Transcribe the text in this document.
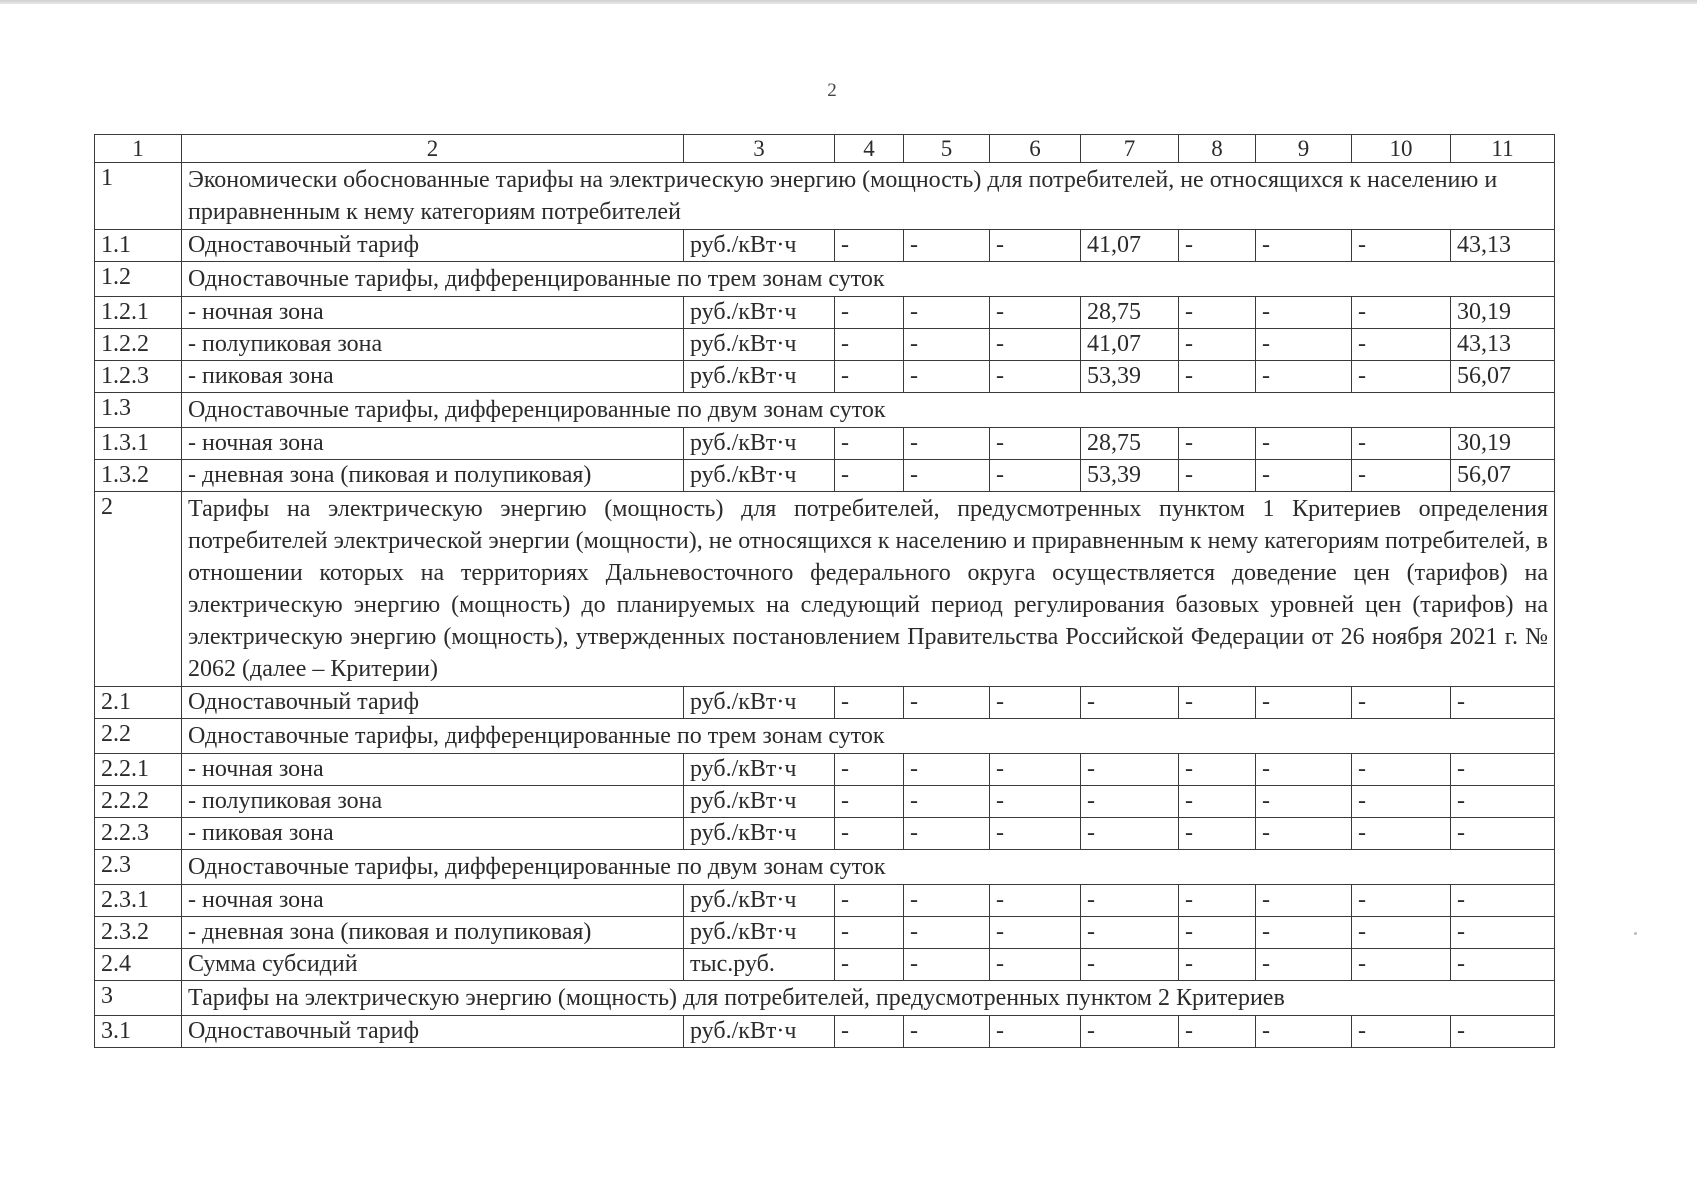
2
1	2	3	4	5	6	7	8	9	10	11
1	Экономически обоснованные тарифы на электрическую энергию (мощность) для потребителей, не относящихся к населению и приравненным к нему категориям потребителей									
1.1	Одноставочный тариф	руб./кВт·ч	-	-	-	41,07	-	-	-	43,13
1.2	Одноставочные тарифы, дифференцированные по трем зонам суток									
1.2.1	- ночная зона	руб./кВт·ч	-	-	-	28,75	-	-	-	30,19
1.2.2	- полупиковая зона	руб./кВт·ч	-	-	-	41,07	-	-	-	43,13
1.2.3	- пиковая зона	руб./кВт·ч	-	-	-	53,39	-	-	-	56,07
1.3	Одноставочные тарифы, дифференцированные по двум зонам суток									
1.3.1	- ночная зона	руб./кВт·ч	-	-	-	28,75	-	-	-	30,19
1.3.2	- дневная зона (пиковая и полупиковая)	руб./кВт·ч	-	-	-	53,39	-	-	-	56,07
2	Тарифы на электрическую энергию (мощность) для потребителей, предусмотренных пунктом 1 Критериев определения потребителей электрической энергии (мощности), не относящихся к населению и приравненным к нему категориям потребителей, в отношении которых на территориях Дальневосточного федерального округа осуществляется доведение цен (тарифов) на электрическую энергию (мощность) до планируемых на следующий период регулирования базовых уровней цен (тарифов) на электрическую энергию (мощность), утвержденных постановлением Правительства Российской Федерации от 26 ноября 2021 г. № 2062 (далее – Критерии)									
2.1	Одноставочный тариф	руб./кВт·ч	-	-	-	-	-	-	-	-
2.2	Одноставочные тарифы, дифференцированные по трем зонам суток									
2.2.1	- ночная зона	руб./кВт·ч	-	-	-	-	-	-	-	-
2.2.2	- полупиковая зона	руб./кВт·ч	-	-	-	-	-	-	-	-
2.2.3	- пиковая зона	руб./кВт·ч	-	-	-	-	-	-	-	-
2.3	Одноставочные тарифы, дифференцированные по двум зонам суток									
2.3.1	- ночная зона	руб./кВт·ч	-	-	-	-	-	-	-	-
2.3.2	- дневная зона (пиковая и полупиковая)	руб./кВт·ч	-	-	-	-	-	-	-	-
2.4	Сумма субсидий	тыс.руб.	-	-	-	-	-	-	-	-
3	Тарифы на электрическую энергию (мощность) для потребителей, предусмотренных пунктом 2 Критериев									
3.1	Одноставочный тариф	руб./кВт·ч	-	-	-	-	-	-	-	-
